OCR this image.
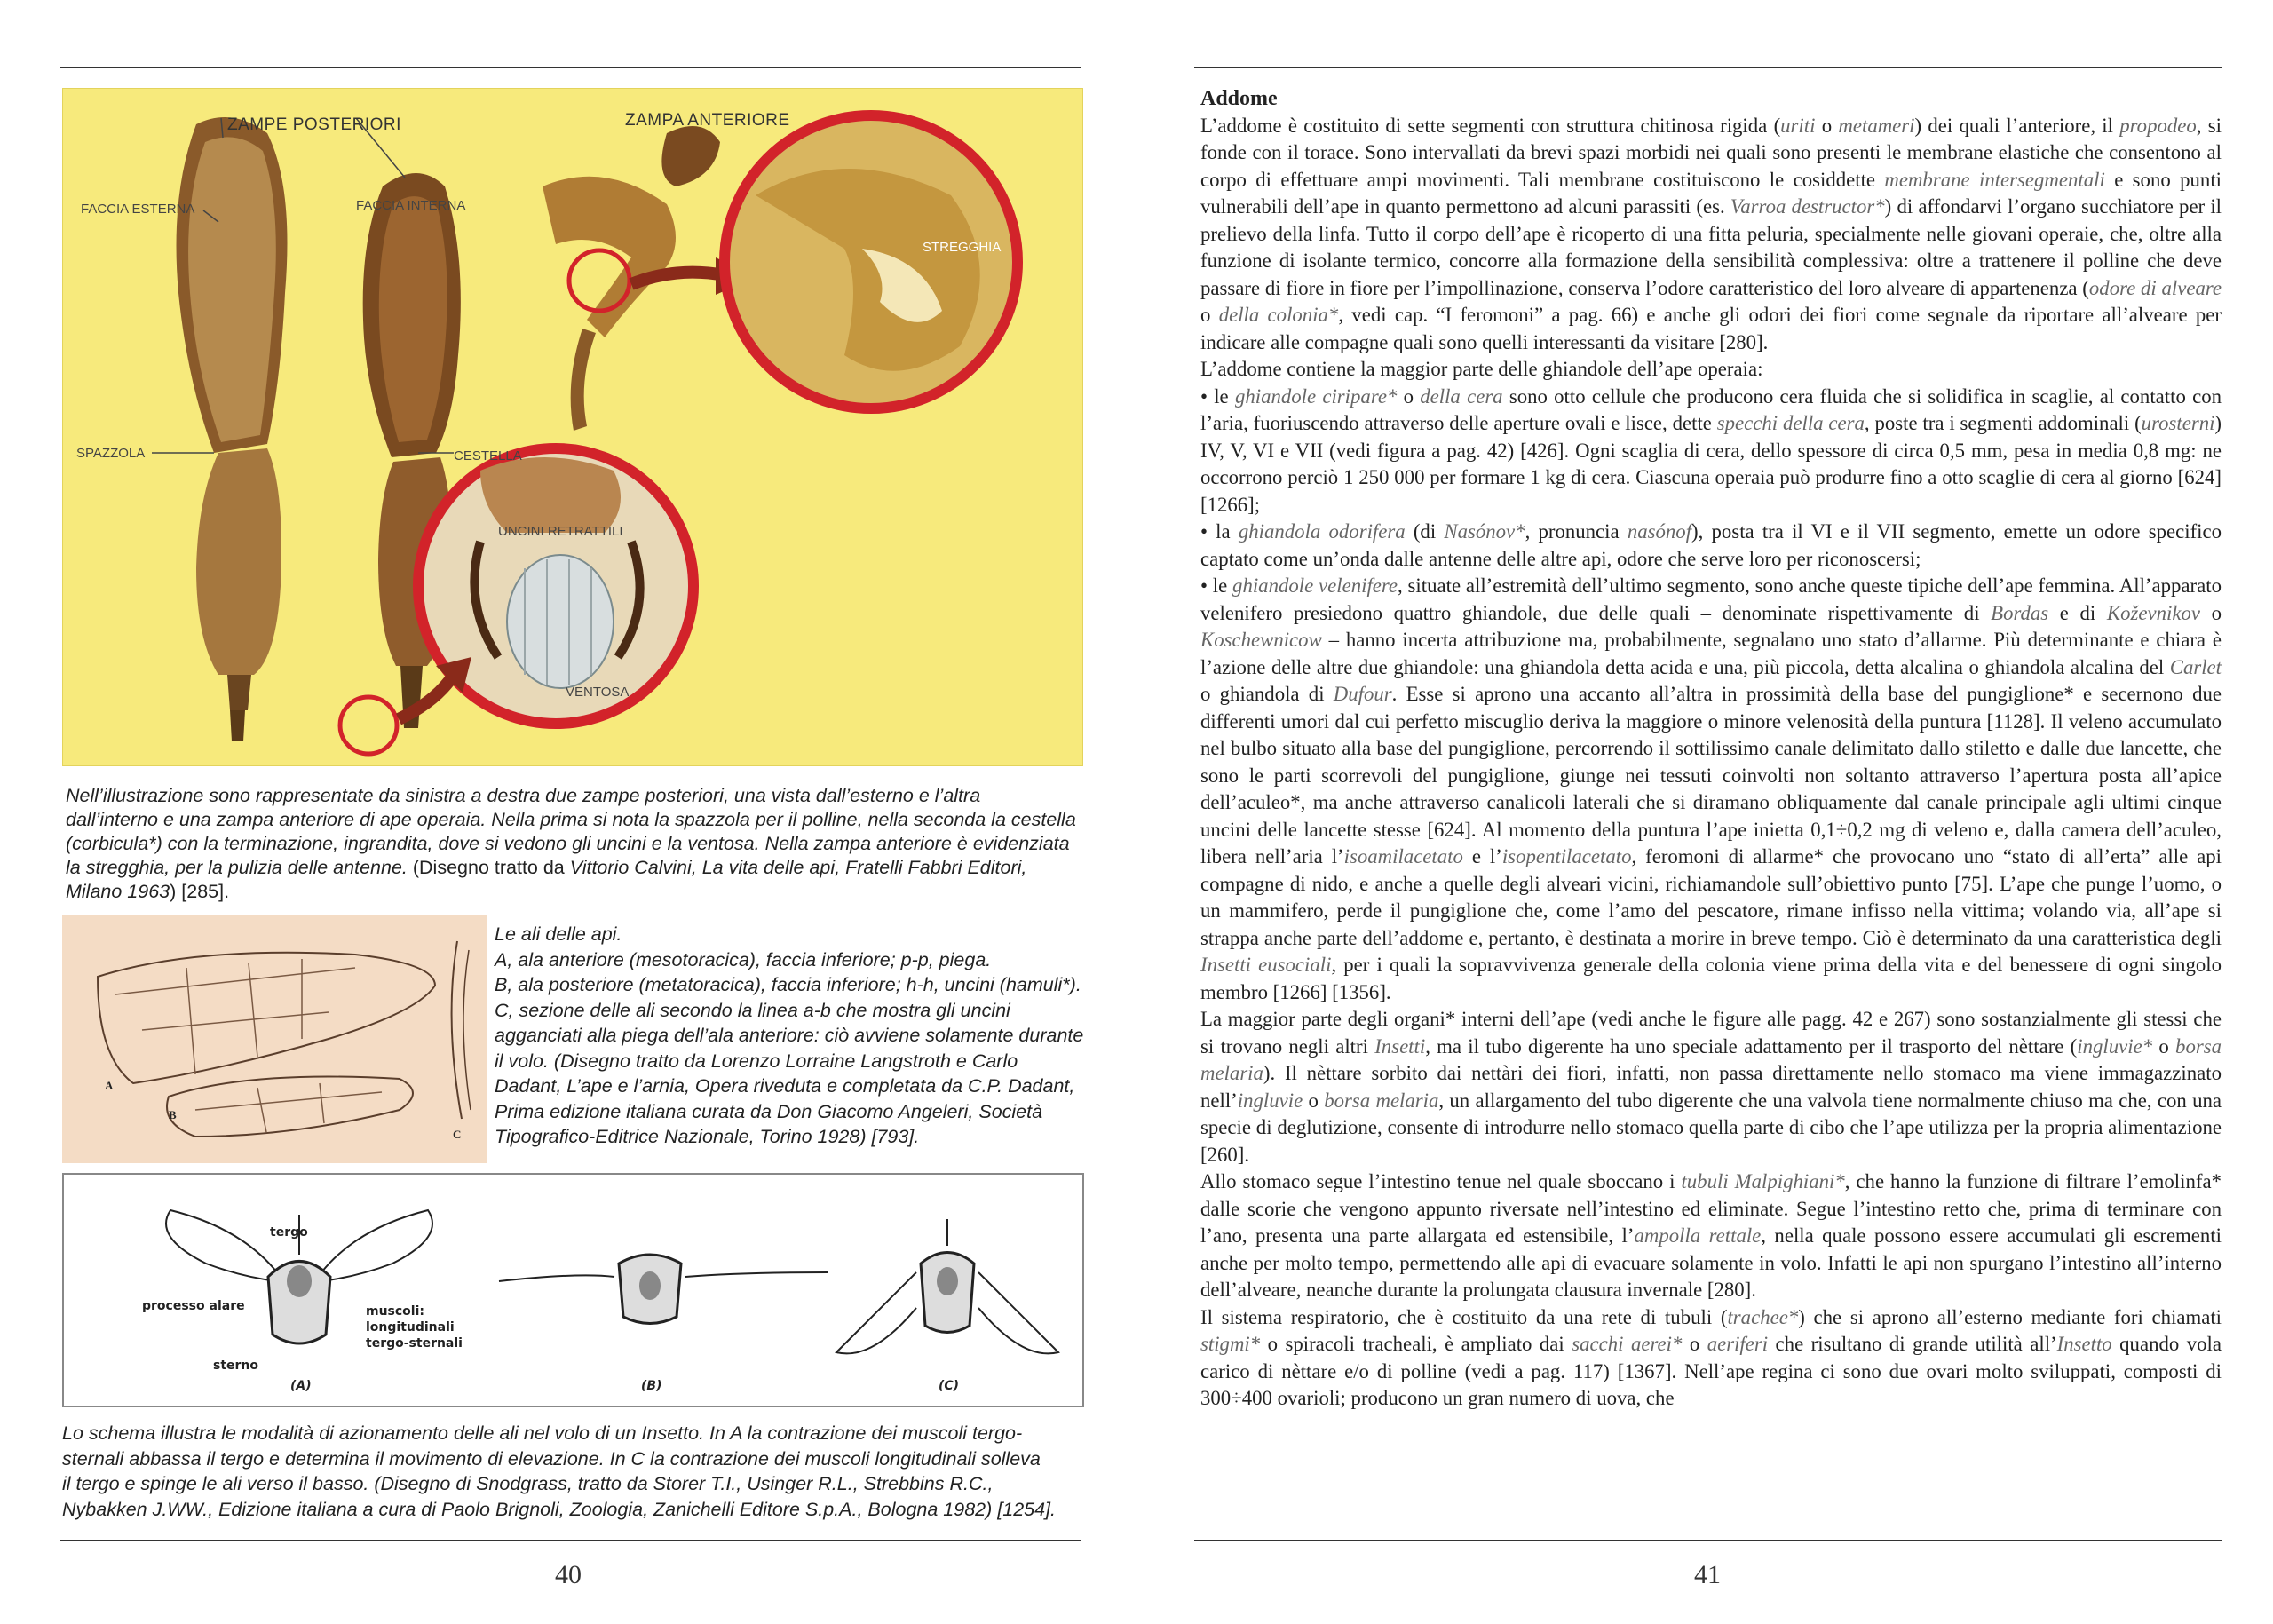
ZAMPE POSTERIORI	ZAMPA ANTERIORE
FACCIA ESTERNA	FACCIA INTERNA
STREGGHIA
SPAZZOLA	CESTELLA
UNCINI RETRATTILI
VENTOSA
Nell’illustrazione sono rappresentate da sinistra a destra due zampe posteriori, una vista dall’esterno e l’altra dall’interno e una zampa anteriore di ape operaia. Nella prima si nota la spazzola per il polline, nella seconda la cestella (corbicula*) con la terminazione, ingrandita, dove si vedono gli uncini e la ventosa. Nella zampa anteriore è evidenziata la stregghia, per la pulizia delle antenne. (Disegno tratto da Vittorio Calvini, La vita delle api, Fratelli Fabbri Editori, Milano 1963) [285].
A
B
C
Le ali delle api.
A, ala anteriore (mesotoracica), faccia inferiore; p-p, piega.
B, ala posteriore (metatoracica), faccia inferiore; h-h, uncini (hamuli*).
C, sezione delle ali secondo la linea a-b che mostra gli uncini
agganciati alla piega dell’ala anteriore: ciò avviene solamente durante
il volo. (Disegno tratto da Lorenzo Lorraine Langstroth e Carlo
Dadant, L’ape e l’arnia, Opera riveduta e completata da C.P. Dadant,
Prima edizione italiana curata da Don Giacomo Angeleri, Società
Tipografico-Editrice Nazionale, Torino 1928) [793].
tergo
processo alare	muscoli:
longitudinali
tergo-sternali
sterno
(A)	(B)	(C)
Lo schema illustra le modalità di azionamento delle ali nel volo di un Insetto. In A la contrazione dei muscoli tergo-
sternali abbassa il tergo e determina il movimento di elevazione. In C la contrazione dei muscoli longitudinali solleva
il tergo e spinge le ali verso il basso. (Disegno di Snodgrass, tratto da Storer T.I., Usinger R.L., Strebbins R.C.,
Nybakken J.WW., Edizione italiana a cura di Paolo Brignoli, Zoologia, Zanichelli Editore S.p.A., Bologna 1982) [1254].
40
Addome

L’addome è costituito di sette segmenti con struttura chitinosa rigida (uriti o metameri) dei quali l’anteriore, il propodeo, si fonde con il torace. Sono intervallati da brevi spazi morbidi nei quali sono presenti le membrane elastiche che consentono al corpo di effettuare ampi movimenti. Tali membrane costituiscono le cosiddette membrane intersegmentali e sono punti vulnerabili dell’ape in quanto permettono ad alcuni parassiti (es. Varroa destructor*) di affondarvi l’organo succhiatore per il prelievo della linfa. Tutto il corpo dell’ape è ricoperto di una fitta peluria, specialmente nelle giovani operaie, che, oltre alla funzione di isolante termico, concorre alla formazione della sensibilità complessiva: oltre a trattenere il polline che deve passare di fiore in fiore per l’impollinazione, conserva l’odore caratteristico del loro alveare di appartenenza (odore di alveare o della colonia*, vedi cap. “I feromoni” a pag. 66) e anche gli odori dei fiori come segnale da riportare all’alveare per indicare alle compagne quali sono quelli interessanti da visitare [280].

L’addome contiene la maggior parte delle ghiandole dell’ape operaia:

• le ghiandole ciripare* o della cera sono otto cellule che producono cera fluida che si solidifica in scaglie, al contatto con l’aria, fuoriuscendo attraverso delle aperture ovali e lisce, dette specchi della cera, poste tra i segmenti addominali (urosterni) IV, V, VI e VII (vedi figura a pag. 42) [426]. Ogni scaglia di cera, dello spessore di circa 0,5 mm, pesa in media 0,8 mg: ne occorrono perciò 1 250 000 per formare 1 kg di cera. Ciascuna operaia può produrre fino a otto scaglie di cera al giorno [624] [1266];

• la ghiandola odorifera (di Nasónov*, pronuncia nasónof), posta tra il VI e il VII segmento, emette un odore specifico captato come un’onda dalle antenne delle altre api, odore che serve loro per riconoscersi;

• le ghiandole velenifere, situate all’estremità dell’ultimo segmento, sono anche queste tipiche dell’ape femmina. All’apparato velenifero presiedono quattro ghiandole, due delle quali – denominate rispettivamente di Bordas e di Koževnikov o Koschewnicow – hanno incerta attribuzione ma, probabilmente, segnalano uno stato d’allarme. Più determinante e chiara è l’azione delle altre due ghiandole: una ghiandola detta acida e una, più piccola, detta alcalina o ghiandola alcalina del Carlet o ghiandola di Dufour. Esse si aprono una accanto all’altra in prossimità della base del pungiglione* e secernono due differenti umori dal cui perfetto miscuglio deriva la maggiore o minore velenosità della puntura [1128]. Il veleno accumulato nel bulbo situato alla base del pungiglione, percorrendo il sottilissimo canale delimitato dallo stiletto e dalle due lancette, che sono le parti scorrevoli del pungiglione, giunge nei tessuti coinvolti non soltanto attraverso l’apertura posta all’apice dell’aculeo*, ma anche attraverso canalicoli laterali che si diramano obliquamente dal canale principale agli ultimi cinque uncini delle lancette stesse [624]. Al momento della puntura l’ape inietta 0,1÷0,2 mg di veleno e, dalla camera dell’aculeo, libera nell’aria l’isoamilacetato e l’isopentilacetato, feromoni di allarme* che provocano uno “stato di all’erta” alle api compagne di nido, e anche a quelle degli alveari vicini, richiamandole sull’obiettivo punto [75]. L’ape che punge l’uomo, o un mammifero, perde il pungiglione che, come l’amo del pescatore, rimane infisso nella vittima; volando via, all’ape si strappa anche parte dell’addome e, pertanto, è destinata a morire in breve tempo. Ciò è determinato da una caratteristica degli Insetti eusociali, per i quali la sopravvivenza generale della colonia viene prima della vita e del benessere di ogni singolo membro [1266] [1356].

La maggior parte degli organi* interni dell’ape (vedi anche le figure alle pagg. 42 e 267) sono sostanzialmente gli stessi che si trovano negli altri Insetti, ma il tubo digerente ha uno speciale adattamento per il trasporto del nèttare (ingluvie* o borsa melaria). Il nèttare sorbito dai nettàri dei fiori, infatti, non passa direttamente nello stomaco ma viene immagazzinato nell’ingluvie o borsa melaria, un allargamento del tubo digerente che una valvola tiene normalmente chiuso ma che, con una specie di deglutizione, consente di introdurre nello stomaco quella parte di cibo che l’ape utilizza per la propria alimentazione [260].

Allo stomaco segue l’intestino tenue nel quale sboccano i tubuli Malpighiani*, che hanno la funzione di filtrare l’emolinfa* dalle scorie che vengono appunto riversate nell’intestino ed eliminate. Segue l’intestino retto che, prima di terminare con l’ano, presenta una parte allargata ed estensibile, l’ampolla rettale, nella quale possono essere accumulati gli escrementi anche per molto tempo, permettendo alle api di evacuare solamente in volo. Infatti le api non spurgano l’intestino all’interno dell’alveare, neanche durante la prolungata clausura invernale [280].

Il sistema respiratorio, che è costituito da una rete di tubuli (trachee*) che si aprono all’esterno mediante fori chiamati stigmi* o spiracoli tracheali, è ampliato dai sacchi aerei* o aeriferi che risultano di grande utilità all’Insetto quando vola carico di nèttare e/o di polline (vedi a pag. 117) [1367]. Nell’ape regina ci sono due ovari molto sviluppati, composti di 300÷400 ovarioli; producono un gran numero di uova, che

41
